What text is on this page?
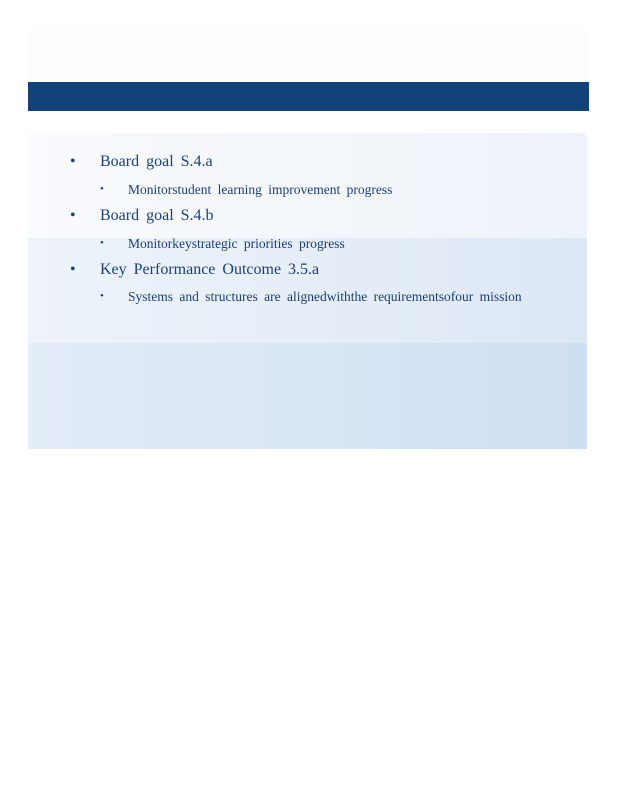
• Board goal S.4.a
• Monitorstudent learning improvement progress
• Board goal S.4.b
• Monitorkeystrategic priorities progress
• Key Performance Outcome 3.5.a
• Systems and structures are alignedwiththe requirementsofour mission
